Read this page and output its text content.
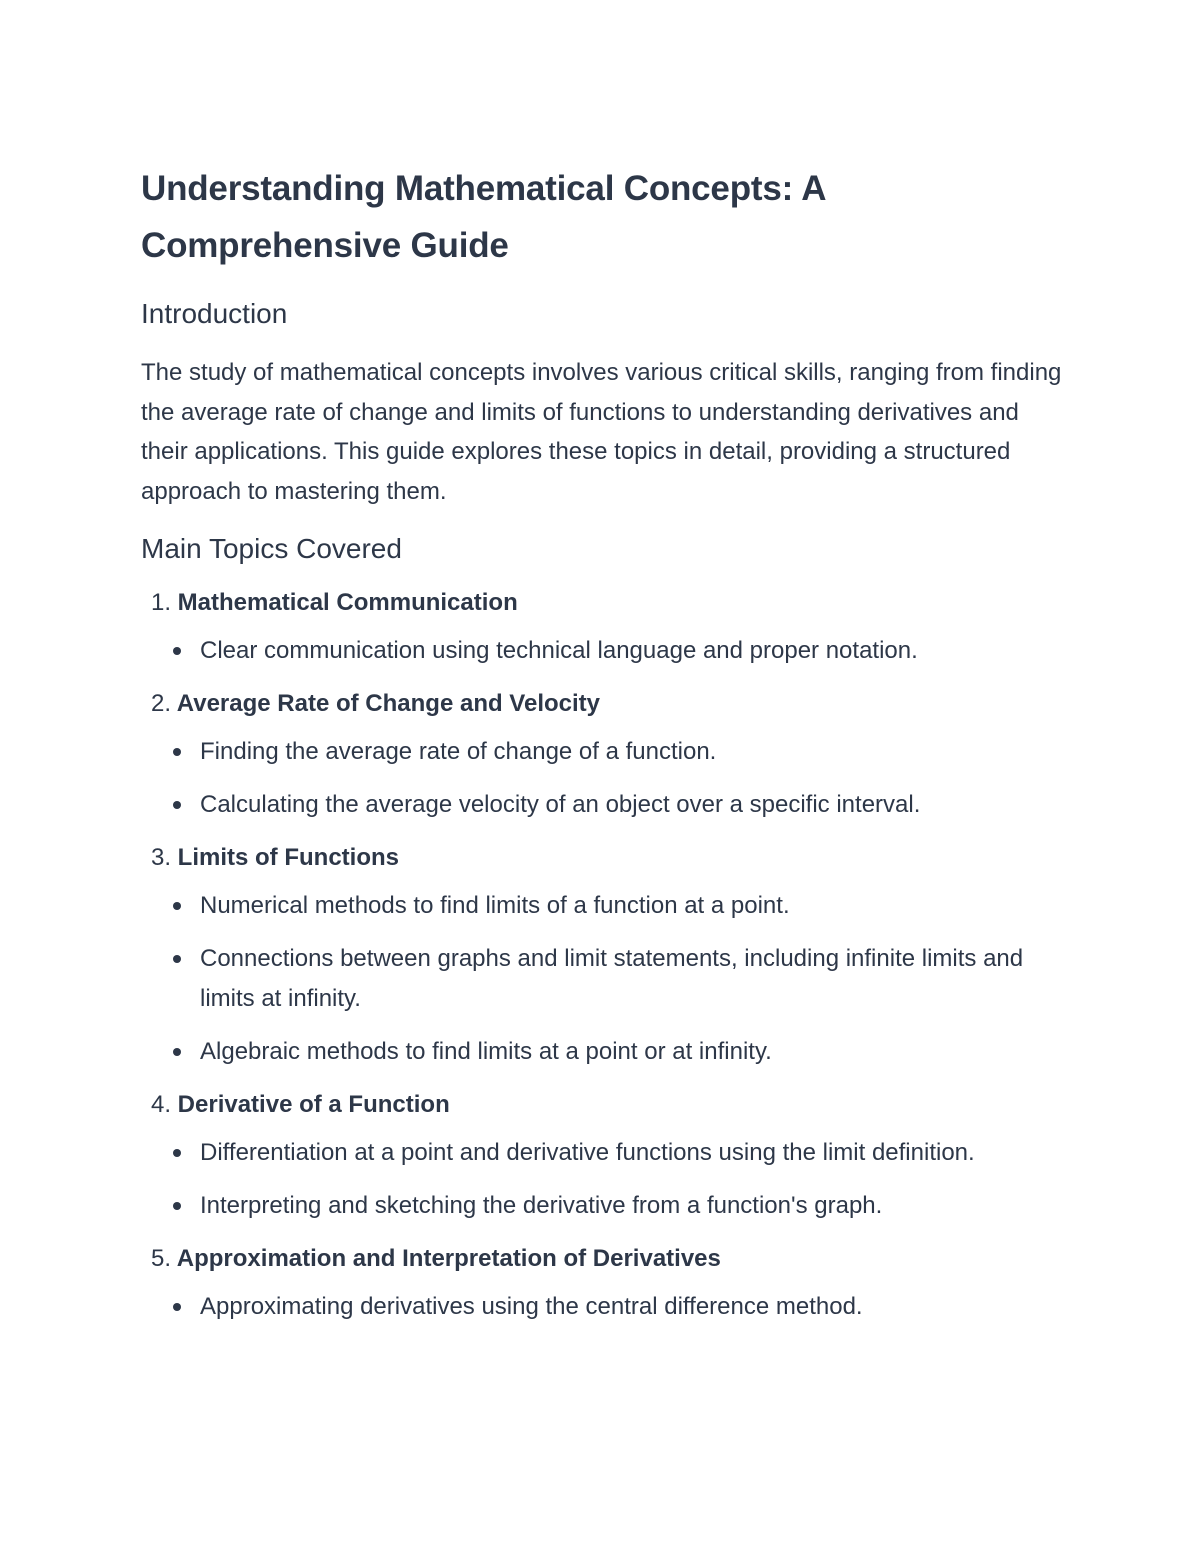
Understanding Mathematical Concepts: A Comprehensive Guide
Introduction

The study of mathematical concepts involves various critical skills, ranging from finding the average rate of change and limits of functions to understanding derivatives and their applications. This guide explores these topics in detail, providing a structured approach to mastering them.

Main Topics Covered
1. Mathematical Communication
Clear communication using technical language and proper notation.
2. Average Rate of Change and Velocity
Finding the average rate of change of a function.
Calculating the average velocity of an object over a specific interval.
3. Limits of Functions
Numerical methods to find limits of a function at a point.
Connections between graphs and limit statements, including infinite limits and limits at infinity.
Algebraic methods to find limits at a point or at infinity.
4. Derivative of a Function
Differentiation at a point and derivative functions using the limit definition.
Interpreting and sketching the derivative from a function's graph.
5. Approximation and Interpretation of Derivatives
Approximating derivatives using the central difference method.
